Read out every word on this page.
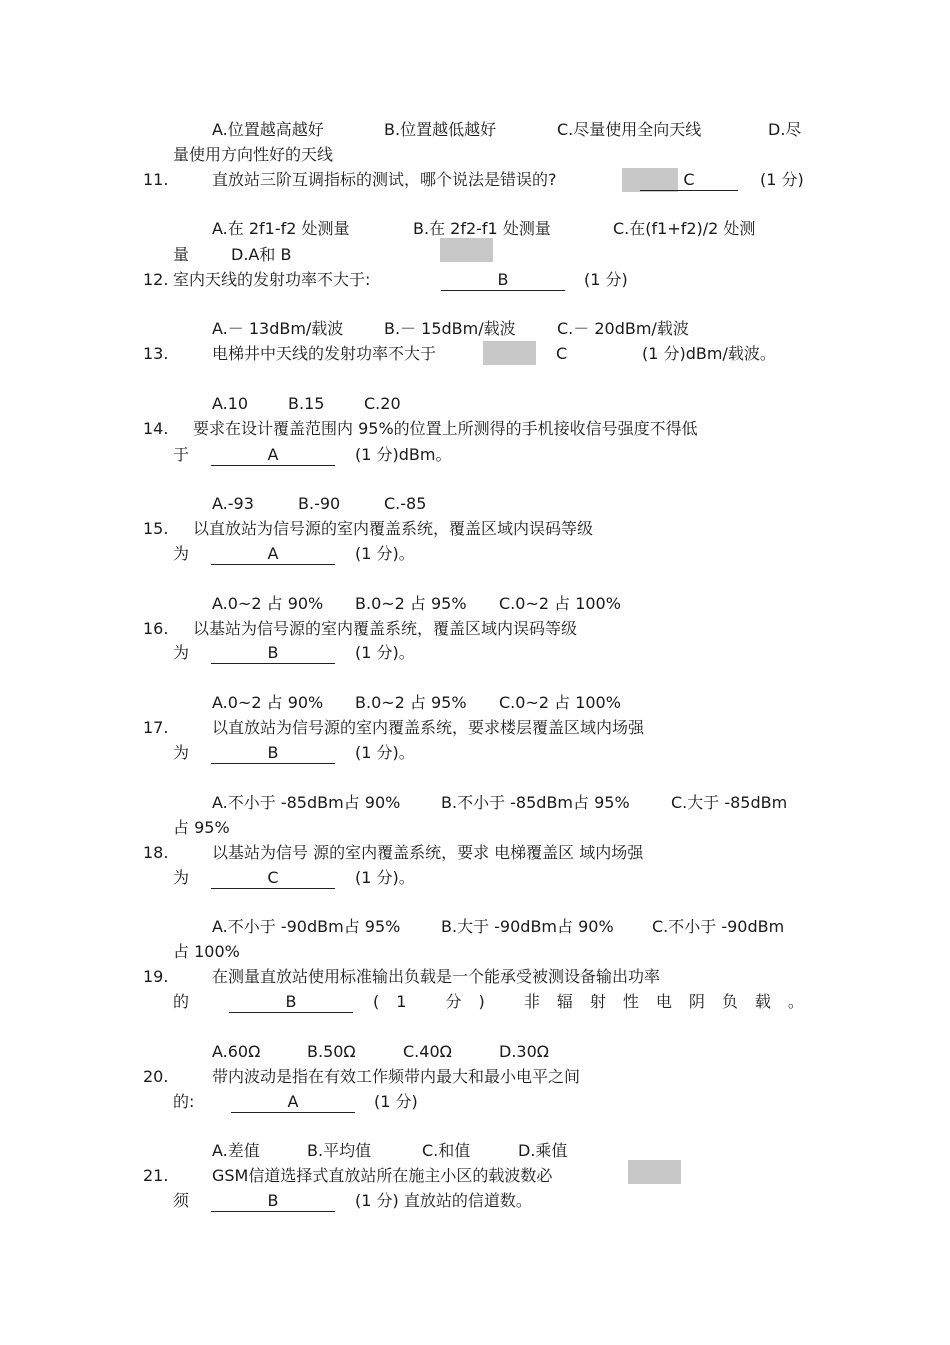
A.位置越高越好	B.位置越低越好	C.尽量使用全向天线	D.尽
量使用方向性好的天线
11.	直放站三阶互调指标的测试，哪个说法是错误的?	C	(1 分)
A.在 2f1-f2 处测量	B.在 2f2-f1 处测量	C.在(f1+f2)/2 处测
量	D.A和 B
12. 室内天线的发射功率不大于:	B	(1 分)
A.－ 13dBm/载波	B.－ 15dBm/载波	C.－ 20dBm/载波
13.	电梯井中天线的发射功率不大于	C	(1 分)dBm/载波。
A.10 B.15 C.20
14. 要求在设计覆盖范围内 95%的位置上所测得的手机接收信号强度不得低
于	A	(1 分)dBm。
A.-93	B.-90	C.-85
15. 以直放站为信号源的室内覆盖系统，覆盖区域内误码等级
为	A	(1 分)。
A.0~2 占 90% B.0~2 占 95% C.0~2 占 100%
16. 以基站为信号源的室内覆盖系统，覆盖区域内误码等级
为	B	(1 分)。
A.0~2 占 90% B.0~2 占 95% C.0~2 占 100%
17.	以直放站为信号源的室内覆盖系统，要求楼层覆盖区域内场强
为	B	(1 分)。
A.不小于 -85dBm占 90%	B.不小于 -85dBm占 95%	C.大于 -85dBm
占 95%
18.	以基站为信号 源的室内覆盖系统，要求 电梯覆盖区 域内场强
为	C	(1 分)。
A.不小于 -90dBm占 95%	B.大于 -90dBm占 90% C.不小于 -90dBm
占 100%
19.	在测量直放站使用标准输出负载是一个能承受被测设备输出功率
的	B	(1 分) 非辐射性电阴负载。
A.60Ω	B.50Ω	C.40Ω	D.30Ω
20.	带内波动是指在有效工作频带内最大和最小电平之间
的:	A	(1 分)
A.差值	B.平均值	C.和值	D.乘值
21.	GSM信道选择式直放站所在施主小区的载波数必
须	B	(1 分) 直放站的信道数。
